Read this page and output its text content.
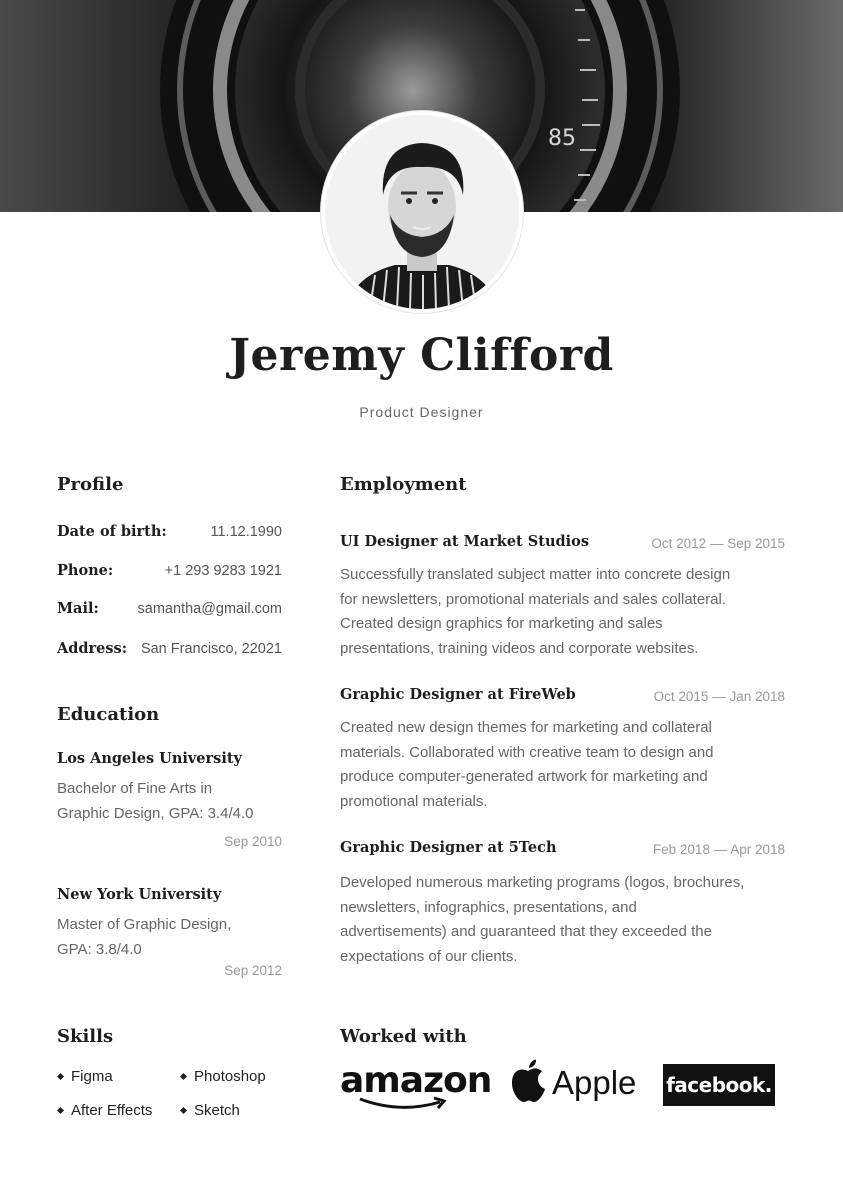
85
Jeremy Clifford
Product Designer
Profile
Date of birth:	11.12.1990
Phone:	+1 293 9283 1921
Mail:	samantha@gmail.com
Address: San Francisco, 22021
Education
Los Angeles University
Bachelor of Fine Arts in
Graphic Design, GPA: 3.4/4.0
Sep 2010
New York University
Master of Graphic Design,
GPA: 3.8/4.0
Sep 2012
Employment
UI Designer at Market Studios	Oct 2012 — Sep 2015
Successfully translated subject matter into concrete design
for newsletters, promotional materials and sales collateral.
Created design graphics for marketing and sales
presentations, training videos and corporate websites.
Graphic Designer at FireWeb	Oct 2015 — Jan 2018
Created new design themes for marketing and collateral
materials. Collaborated with creative team to design and
produce computer-generated artwork for marketing and
promotional materials.
Graphic Designer at 5Tech	Feb 2018 — Apr 2018
Developed numerous marketing programs (logos, brochures,
newsletters, infographics, presentations, and
advertisements) and guaranteed that they exceeded the
expectations of our clients.
Skills
Figma	Photoshop
After Effects	Sketch
Worked with
amazon Apple facebook.
